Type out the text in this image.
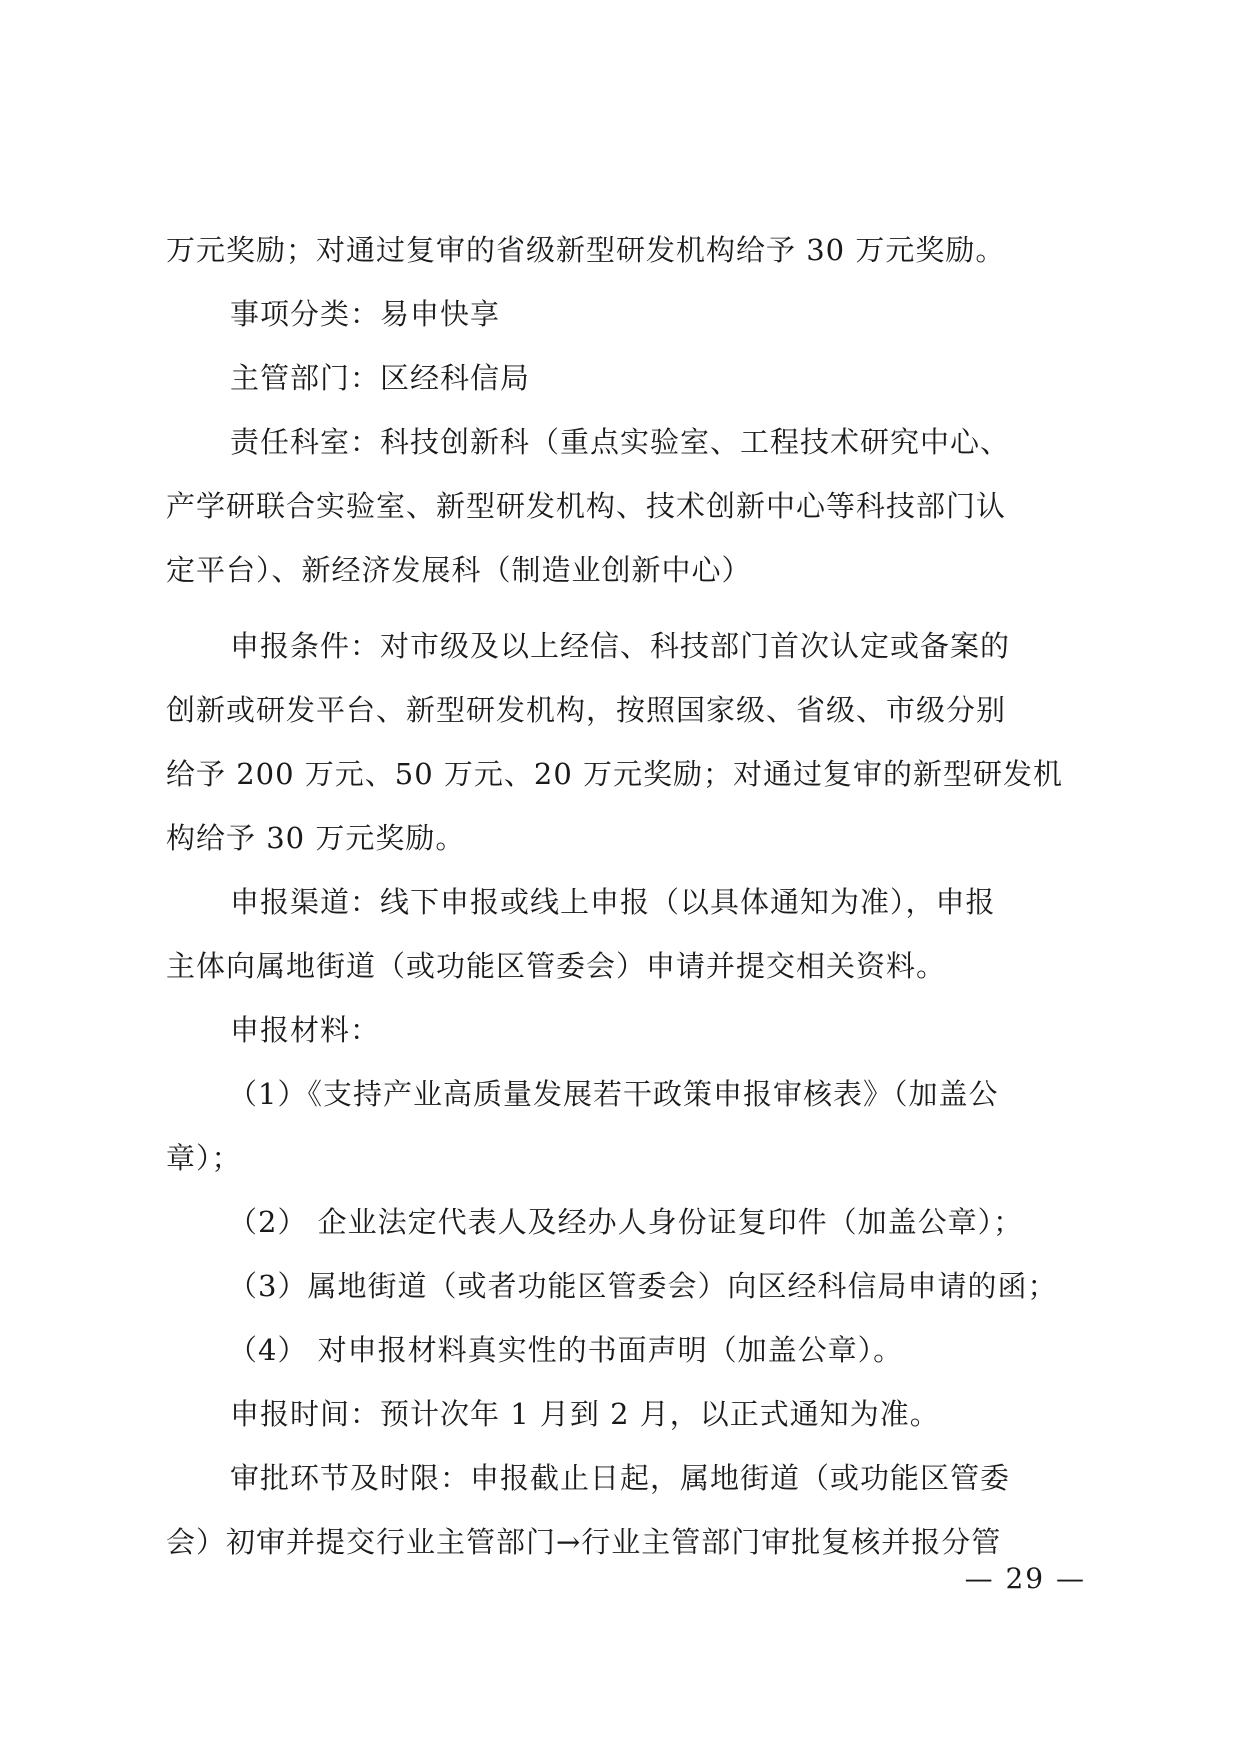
万元奖励；对通过复审的省级新型研发机构给予 30 万元奖励。
事项分类：易申快享
主管部门：区经科信局
责任科室：科技创新科（重点实验室、工程技术研究中心、
产学研联合实验室、新型研发机构、技术创新中心等科技部门认
定平台）、新经济发展科（制造业创新中心）
申报条件：对市级及以上经信、科技部门首次认定或备案的
创新或研发平台、新型研发机构，按照国家级、省级、市级分别
给予 200 万元、50 万元、20 万元奖励；对通过复审的新型研发机
构给予 30 万元奖励。
申报渠道：线下申报或线上申报（以具体通知为准），申报
主体向属地街道（或功能区管委会）申请并提交相关资料。
申报材料：
（1）《支持产业高质量发展若干政策申报审核表》（加盖公
章）；
（2） 企业法定代表人及经办人身份证复印件（加盖公章）；
（3）属地街道（或者功能区管委会）向区经科信局申请的函；
（4） 对申报材料真实性的书面声明（加盖公章）。
申报时间：预计次年 1 月到 2 月，以正式通知为准。
审批环节及时限：申报截止日起，属地街道（或功能区管委
会）初审并提交行业主管部门→行业主管部门审批复核并报分管
— 29 —
